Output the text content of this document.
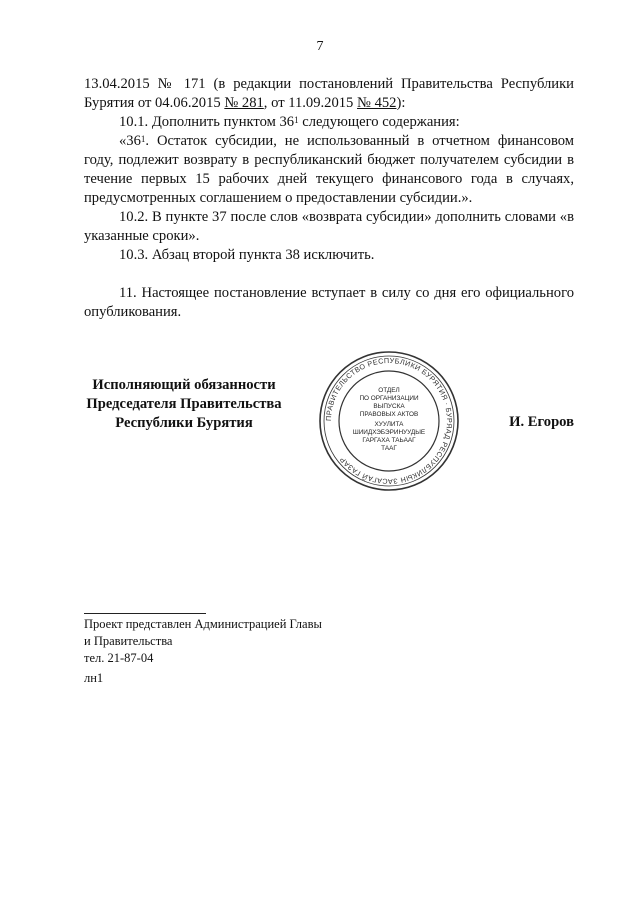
7

13.04.2015 № 171 (в редакции постановлений Правительства Республики Бурятия от 04.06.2015 № 281, от 11.09.2015 № 452):

10.1. Дополнить пунктом $36^1$ следующего содержания:

«$36^1$. Остаток субсидии, не использованный в отчетном финансовом году, подлежит возврату в республиканский бюджет получателем субсидии в течение первых 15 рабочих дней текущего финансового года в случаях, предусмотренных соглашением о предоставлении субсидии.».

10.2. В пункте 37 после слов «возврата субсидии» дополнить словами «в указанные сроки».

10.3. Абзац второй пункта 38 исключить.

11. Настоящее постановление вступает в силу со дня его официального опубликования.

Исполняющий обязанности
Председателя Правительства
Республики Бурятия	ПРАВИТЕЛЬСТВО РЕСПУБЛИКИ БУРЯТИЯ · БУРЯАД РЕСПУБЛИКЫН ЗАСАГАЙ ГАЗАР
ОТДЕЛ
ПО ОРГАНИЗАЦИИ
ВЫПУСКА
ПРАВОВЫХ АКТОВ
ХУУЛИТА
ШИИДХЭБЭРИНУУДЫЕ
ГАРГАХА ТАЬААГ
ТААГ
И. Егоров
Проект представлен Администрацией Главы
и Правительства
тел. 21-87-04
лн1
